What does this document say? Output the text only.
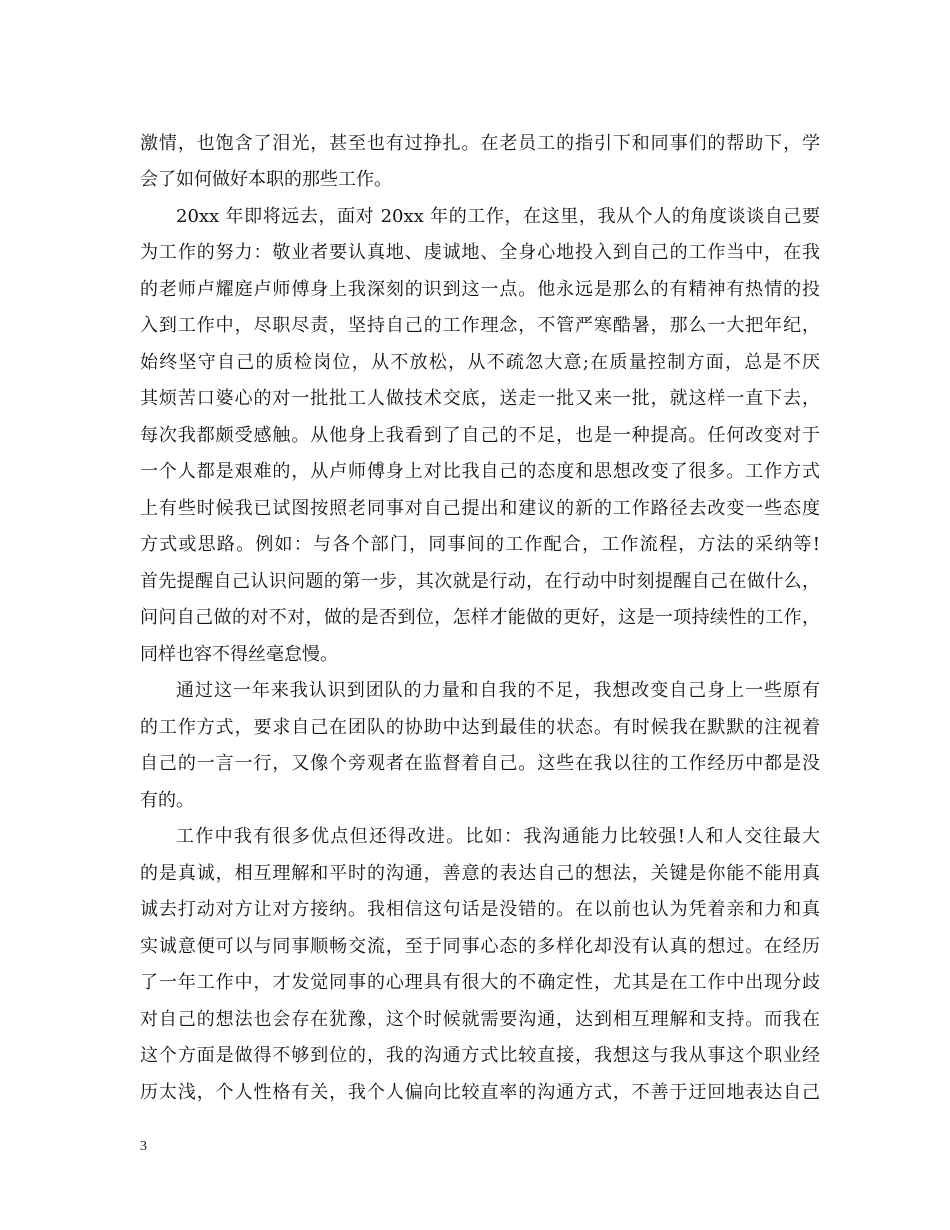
激情，也饱含了泪光，甚至也有过挣扎。在老员工的指引下和同事们的帮助下，学
会了如何做好本职的那些工作。
20xx 年即将远去，面对 20xx 年的工作，在这里，我从个人的角度谈谈自己要
为工作的努力：敬业者要认真地、虔诚地、全身心地投入到自己的工作当中，在我
的老师卢耀庭卢师傅身上我深刻的识到这一点。他永远是那么的有精神有热情的投
入到工作中，尽职尽责，坚持自己的工作理念，不管严寒酷暑，那么一大把年纪，
始终坚守自己的质检岗位，从不放松，从不疏忽大意;在质量控制方面，总是不厌
其烦苦口婆心的对一批批工人做技术交底，送走一批又来一批，就这样一直下去，
每次我都颇受感触。从他身上我看到了自己的不足，也是一种提高。任何改变对于
一个人都是艰难的，从卢师傅身上对比我自己的态度和思想改变了很多。工作方式
上有些时候我已试图按照老同事对自己提出和建议的新的工作路径去改变一些态度
方式或思路。例如：与各个部门，同事间的工作配合，工作流程，方法的采纳等!
首先提醒自己认识问题的第一步，其次就是行动，在行动中时刻提醒自己在做什么，
问问自己做的对不对，做的是否到位，怎样才能做的更好，这是一项持续性的工作，
同样也容不得丝毫怠慢。
通过这一年来我认识到团队的力量和自我的不足，我想改变自己身上一些原有
的工作方式，要求自己在团队的协助中达到最佳的状态。有时候我在默默的注视着
自己的一言一行，又像个旁观者在监督着自己。这些在我以往的工作经历中都是没
有的。
工作中我有很多优点但还得改进。比如：我沟通能力比较强!人和人交往最大
的是真诚，相互理解和平时的沟通，善意的表达自己的想法，关键是你能不能用真
诚去打动对方让对方接纳。我相信这句话是没错的。在以前也认为凭着亲和力和真
实诚意便可以与同事顺畅交流，至于同事心态的多样化却没有认真的想过。在经历
了一年工作中，才发觉同事的心理具有很大的不确定性，尤其是在工作中出现分歧
对自己的想法也会存在犹豫，这个时候就需要沟通，达到相互理解和支持。而我在
这个方面是做得不够到位的，我的沟通方式比较直接，我想这与我从事这个职业经
历太浅，个人性格有关，我个人偏向比较直率的沟通方式，不善于迂回地表达自己
3
